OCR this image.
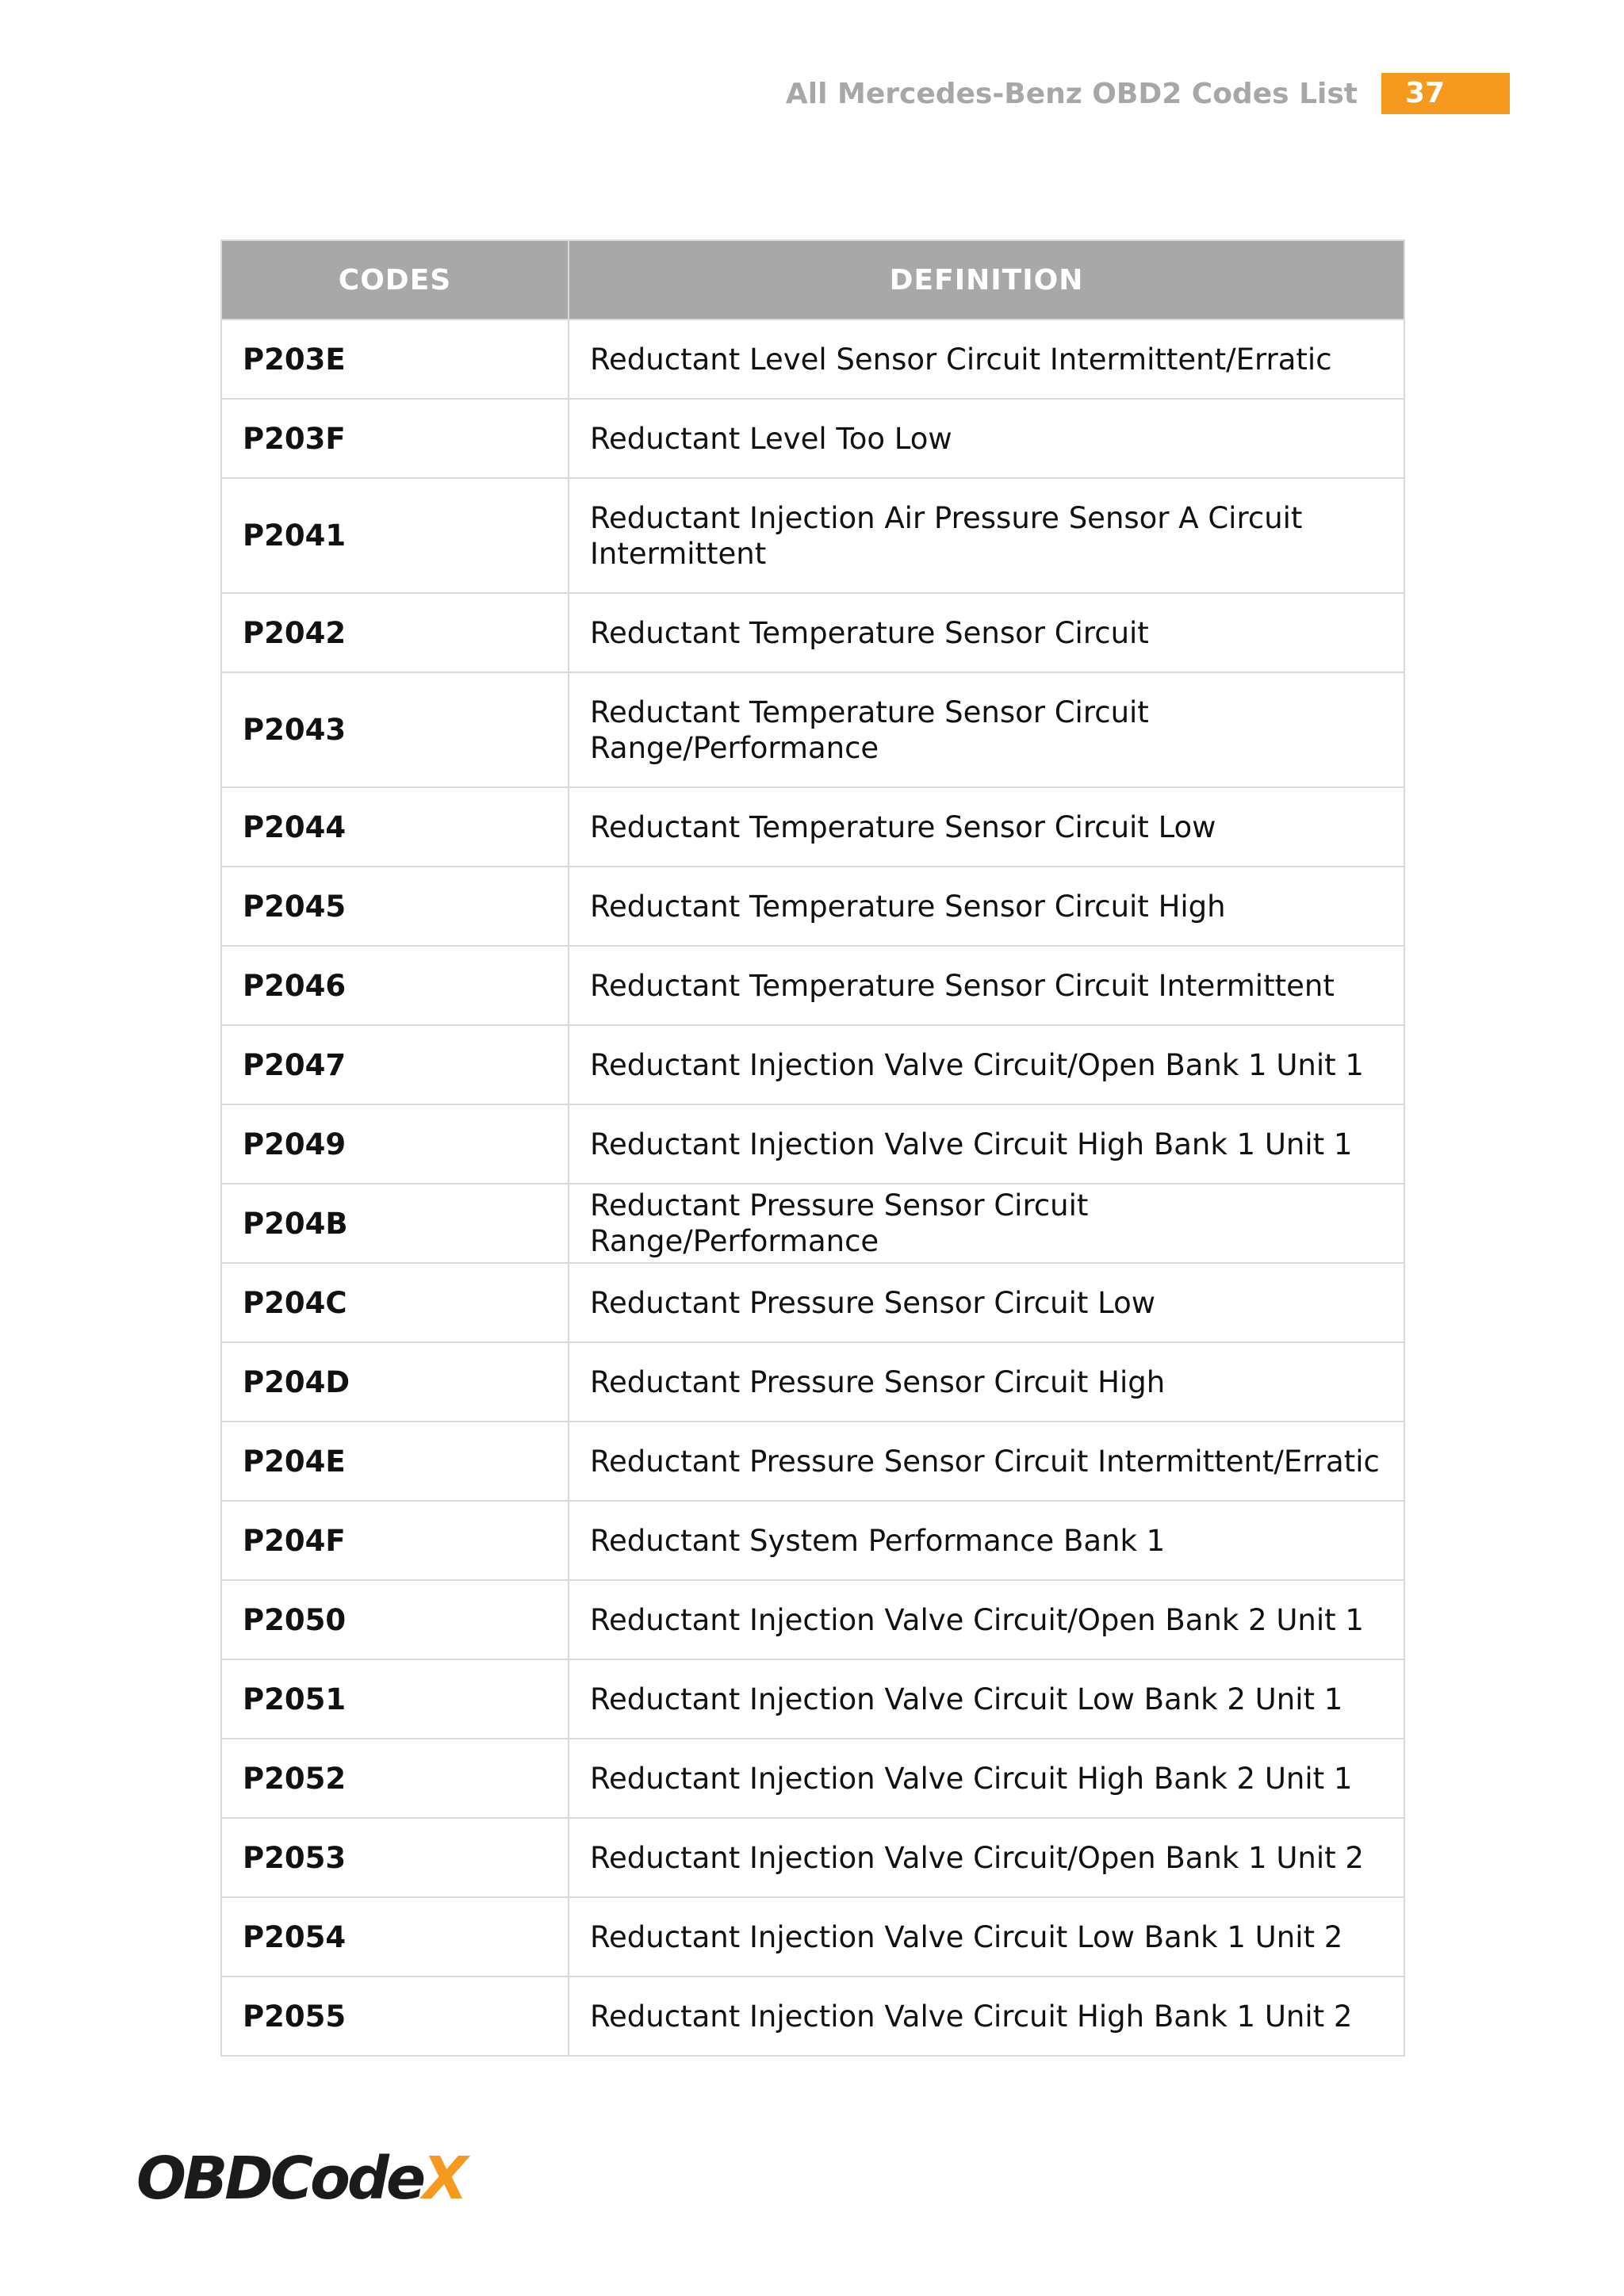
All Mercedes-Benz OBD2 Codes List	37
CODES	DEFINITION
P203E	Reductant Level Sensor Circuit Intermittent/Erratic
P203F	Reductant Level Too Low
P2041	Reductant Injection Air Pressure Sensor A Circuit Intermittent
P2042	Reductant Temperature Sensor Circuit
P2043	Reductant Temperature Sensor Circuit Range/Performance
P2044	Reductant Temperature Sensor Circuit Low
P2045	Reductant Temperature Sensor Circuit High
P2046	Reductant Temperature Sensor Circuit Intermittent
P2047	Reductant Injection Valve Circuit/Open Bank 1 Unit 1
P2049	Reductant Injection Valve Circuit High Bank 1 Unit 1
P204B	Reductant Pressure Sensor Circuit Range/Performance
P204C	Reductant Pressure Sensor Circuit Low
P204D	Reductant Pressure Sensor Circuit High
P204E	Reductant Pressure Sensor Circuit Intermittent/Erratic
P204F	Reductant System Performance Bank 1
P2050	Reductant Injection Valve Circuit/Open Bank 2 Unit 1
P2051	Reductant Injection Valve Circuit Low Bank 2 Unit 1
P2052	Reductant Injection Valve Circuit High Bank 2 Unit 1
P2053	Reductant Injection Valve Circuit/Open Bank 1 Unit 2
P2054	Reductant Injection Valve Circuit Low Bank 1 Unit 2
P2055	Reductant Injection Valve Circuit High Bank 1 Unit 2
OBDCodeX
